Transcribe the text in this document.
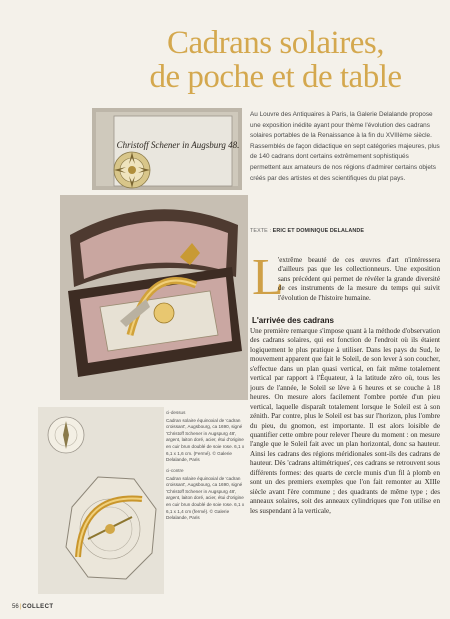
Cadrans solaires,
de poche et de table
Christoff Schener in Augsburg 48.
ci-dessus
Cadran solaire équinoxial de 'cadran croissant', Augsbourg, ca 1690, signé 'Christoff Schener in Augspurg 48', argent, laiton doré, acier, étui d'origine en cuir brun doublé de soie rose. 6,1 x 6,1 x 1,6 cm. (Fermé). © Galerie Delalande, Paris
ci-contre
Cadran solaire équinoxial de 'cadran croissant', Augsbourg, ca 1690, signé 'Christoff Schener in Augspurg 48', argent, laiton doré, acier, étui d'origine en cuir brun doublé de soie rose. 6,1 x 6,1 x 1,4 cm (fermé). © Galerie Delalande, Paris
Au Louvre des Antiquaires à Paris, la Galerie Delalande propose une exposition inédite ayant pour thème l'évolution des cadrans solaires portables de la Renaissance à la fin du XVIIIème siècle. Rassemblés de façon didactique en sept catégories majeures, plus de 140 cadrans dont certains extrêmement sophistiqués permettent aux amateurs de nos régions d'admirer certains objets créés par des artistes et des scientifiques du plat pays.
TEXTE : ERIC ET DOMINIQUE DELALANDE
L

'extrême beauté de ces œuvres d'art n'intéressera d'ailleurs pas que les collectionneurs. Une exposition sans précédent qui permet de révéler la grande diversité de ces instruments de la mesure du temps qui suivit l'évolution de l'histoire humaine.

L'arrivée des cadrans

Une première remarque s'impose quant à la méthode d'observation des cadrans solaires, qui est fonction de l'endroit où ils étaient logiquement le plus pratique à utiliser. Dans les pays du Sud, le mouvement apparent que fait le Soleil, de son lever à son coucher, s'effectue dans un plan quasi vertical, en fait même totalement vertical par rapport à l'Équateur, à la latitude zéro où, tous les jours de l'année, le Soleil se lève à 6 heures et se couche à 18 heures. On mesure alors facilement l'ombre portée d'un pieu vertical, laquelle disparaît totalement lorsque le Soleil est à son zénith. Par contre, plus le Soleil est bas sur l'horizon, plus l'ombre du pieu, du gnomon, est importante. Il est alors loisible de quantifier cette ombre pour relever l'heure du moment : on mesure l'angle que le Soleil fait avec un plan horizontal, donc sa hauteur. Ainsi les cadrans des régions méridionales sont-ils des cadrans de hauteur. Dès 'cadrans altimétriques', ces cadrans se retrouvent sous différents formes: des quarts de cercle munis d'un fil à plomb en sont un des premiers exemples que l'on fait remonter au XIIIe siècle avant l'ère commune ; des quadrants de même type ; des anneaux solaires, soit des anneaux cylindriques que l'on utilise en les suspendant à la verticale,

56|COLLECT
